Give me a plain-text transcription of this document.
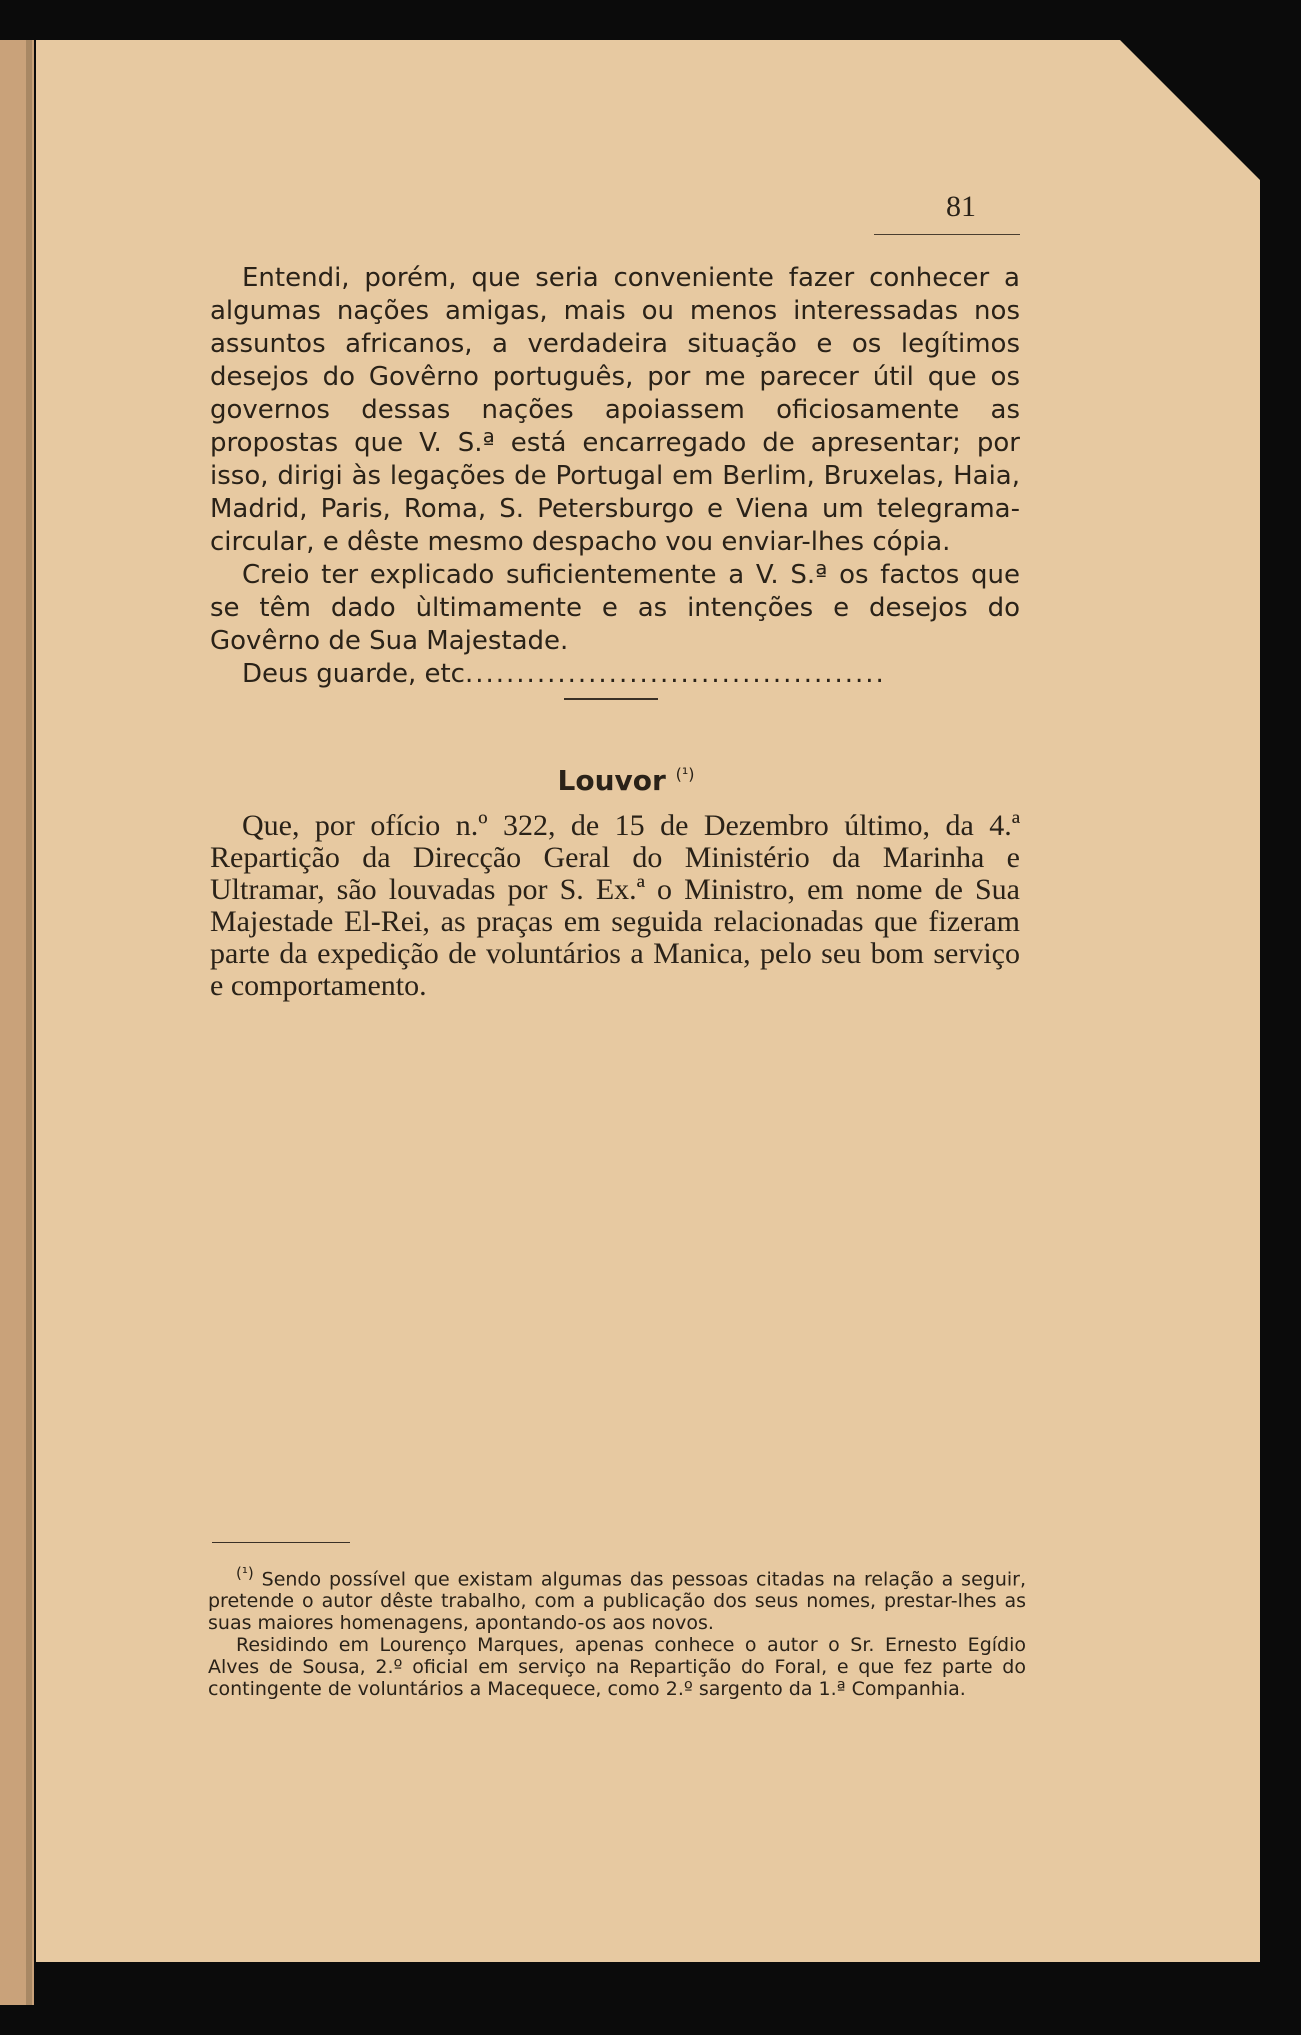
81

Entendi, porém, que seria conveniente fazer conhecer a algumas nações amigas, mais ou menos interessadas nos assuntos africanos, a verdadeira situação e os legítimos desejos do Govêrno português, por me parecer útil que os governos dessas nações apoiassem oficiosamente as propostas que V. S.ª está encarregado de apresentar; por isso, dirigi às legações de Portugal em Berlim, Bruxelas, Haia, Madrid, Paris, Roma, S. Petersburgo e Viena um telegrama-circular, e dêste mesmo despacho vou enviar-lhes cópia.

Creio ter explicado suficientemente a V. S.ª os factos que se têm dado ùltimamente e as intenções e desejos do Govêrno de Sua Majestade.

Deus guarde, etc.........................................

Louvor $^{(^1)}$

Que, por ofício n.º 322, de 15 de Dezembro último, da 4.ª Repartição da Direcção Geral do Ministério da Marinha e Ultramar, são louvadas por S. Ex.ª o Ministro, em nome de Sua Majestade El-Rei, as praças em seguida relacionadas que fizeram parte da expedição de voluntários a Manica, pelo seu bom serviço e comportamento.

$^{(^1)}$ Sendo possível que existam algumas das pessoas citadas na relação a seguir, pretende o autor dêste trabalho, com a publicação dos seus nomes, prestar-lhes as suas maiores homenagens, apontando-os aos novos.

Residindo em Lourenço Marques, apenas conhece o autor o Sr. Ernesto Egídio Alves de Sousa, 2.º oficial em serviço na Repartição do Foral, e que fez parte do contingente de voluntários a Macequece, como 2.º sargento da 1.ª Companhia.
